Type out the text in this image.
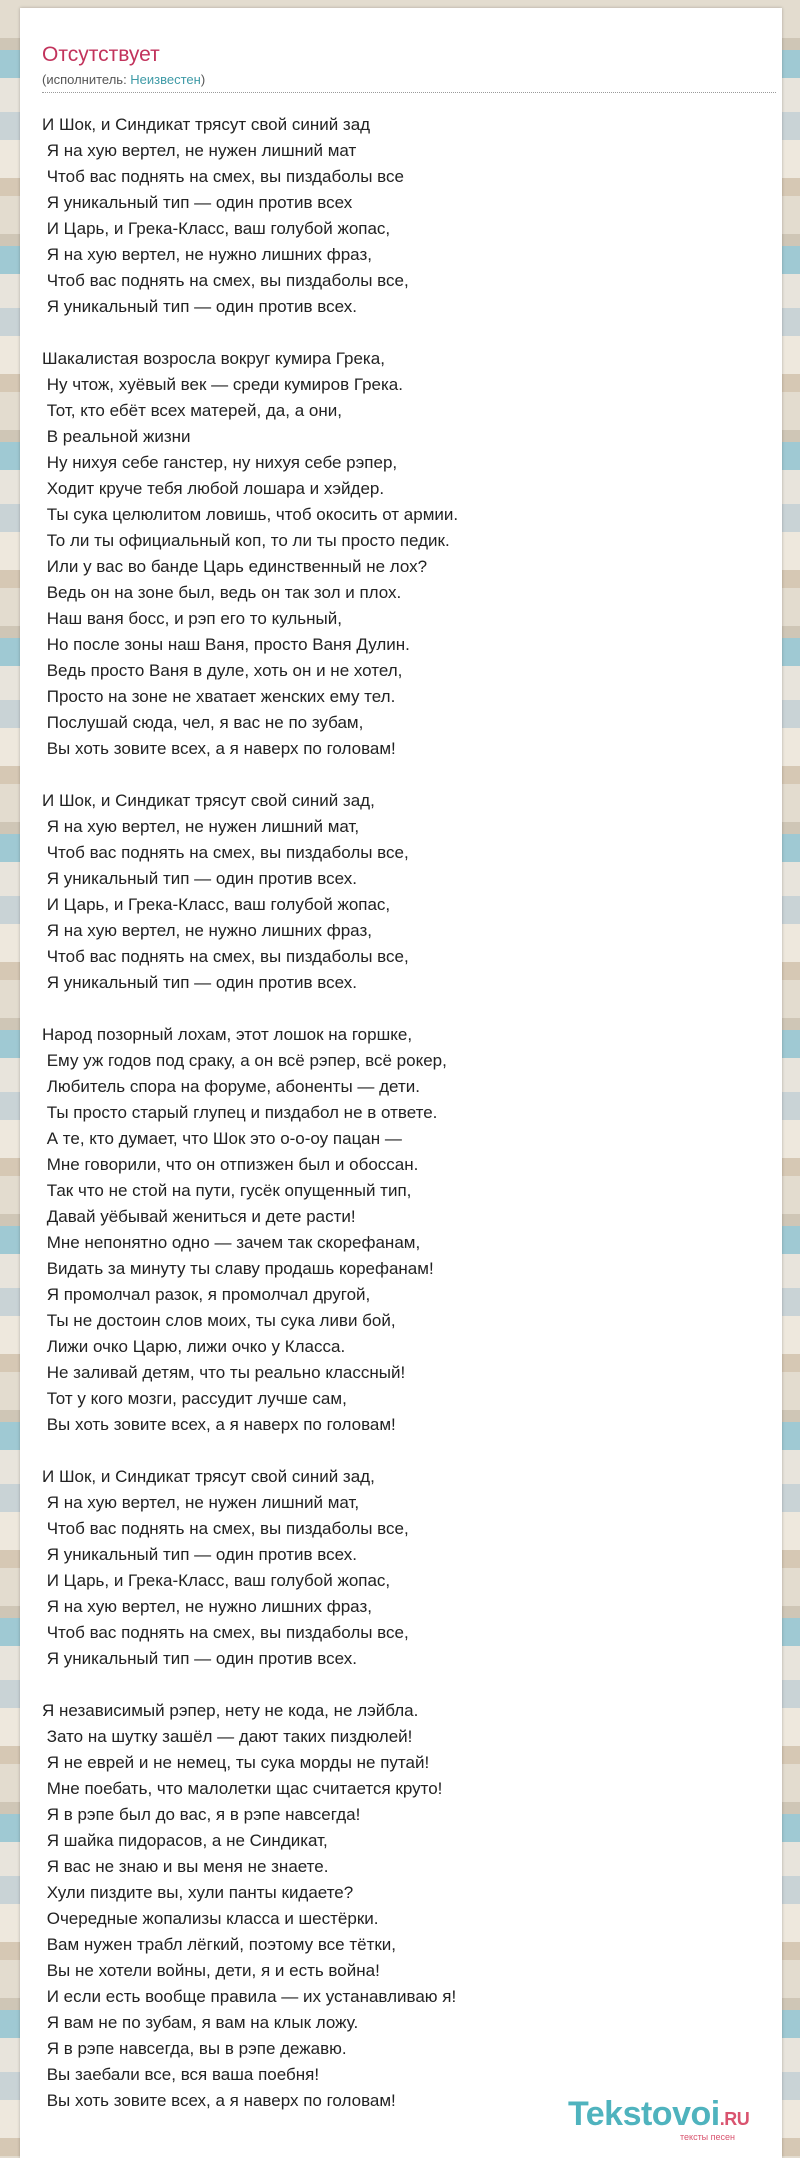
Отсутствует
(исполнитель: Неизвестен)
И Шок, и Синдикат трясут свой синий зад
Я на хую вертел, не нужен лишний мат
Чтоб вас поднять на смех, вы пиздаболы все
Я уникальный тип — один против всех
И Царь, и Грека-Класс, ваш голубой жопас,
Я на хую вертел, не нужно лишних фраз,
Чтоб вас поднять на смех, вы пиздаболы все,
Я уникальный тип — один против всех.
Шакалистая возросла вокруг кумира Грека,
Ну чтож, хуёвый век — среди кумиров Грека.
Тот, кто ебёт всех матерей, да, а они,
В реальной жизни
Ну нихуя себе ганстер, ну нихуя себе рэпер,
Ходит круче тебя любой лошара и хэйдер.
Ты сука целюлитом ловишь, чтоб окосить от армии.
То ли ты официальный коп, то ли ты просто педик.
Или у вас во банде Царь единственный не лох?
Ведь он на зоне был, ведь он так зол и плох.
Наш ваня босс, и рэп его то кульный,
Но после зоны наш Ваня, просто Ваня Дулин.
Ведь просто Ваня в дуле, хоть он и не хотел,
Просто на зоне не хватает женских ему тел.
Послушай сюда, чел, я вас не по зубам,
Вы хоть зовите всех, а я наверх по головам!
И Шок, и Синдикат трясут свой синий зад,
Я на хую вертел, не нужен лишний мат,
Чтоб вас поднять на смех, вы пиздаболы все,
Я уникальный тип — один против всех.
И Царь, и Грека-Класс, ваш голубой жопас,
Я на хую вертел, не нужно лишних фраз,
Чтоб вас поднять на смех, вы пиздаболы все,
Я уникальный тип — один против всех.
Народ позорный лохам, этот лошок на горшке,
Ему уж годов под сраку, а он всё рэпер, всё рокер,
Любитель спора на форуме, абоненты — дети.
Ты просто старый глупец и пиздабол не в ответе.
А те, кто думает, что Шок это о-о-оу пацан —
Мне говорили, что он отпизжен был и обоссан.
Так что не стой на пути, гусёк опущенный тип,
Давай уёбывай жениться и дете расти!
Мне непонятно одно — зачем так скорефанам,
Видать за минуту ты славу продашь корефанам!
Я промолчал разок, я промолчал другой,
Ты не достоин слов моих, ты сука ливи бой,
Лижи очко Царю, лижи очко у Класса.
Не заливай детям, что ты реально классный!
Тот у кого мозги, рассудит лучше сам,
Вы хоть зовите всех, а я наверх по головам!
И Шок, и Синдикат трясут свой синий зад,
Я на хую вертел, не нужен лишний мат,
Чтоб вас поднять на смех, вы пиздаболы все,
Я уникальный тип — один против всех.
И Царь, и Грека-Класс, ваш голубой жопас,
Я на хую вертел, не нужно лишних фраз,
Чтоб вас поднять на смех, вы пиздаболы все,
Я уникальный тип — один против всех.
Я независимый рэпер, нету не кода, не лэйбла.
Зато на шутку зашёл — дают таких пиздюлей!
Я не еврей и не немец, ты сука морды не путай!
Мне поебать, что малолетки щас считается круто!
Я в рэпе был до вас, я в рэпе навсегда!
Я шайка пидорасов, а не Синдикат,
Я вас не знаю и вы меня не знаете.
Хули пиздите вы, хули панты кидаете?
Очередные жопализы класса и шестёрки.
Вам нужен трабл лёгкий, поэтому все тётки,
Вы не хотели войны, дети, я и есть война!
И если есть вообще правила — их устанавливаю я!
Я вам не по зубам, я вам на клык ложу.
Я в рэпе навсегда, вы в рэпе дежавю.
Вы заебали все, вся ваша поебня!
Вы хоть зовите всех, а я наверх по головам!	Tekstovoi.RU
тексты песен
